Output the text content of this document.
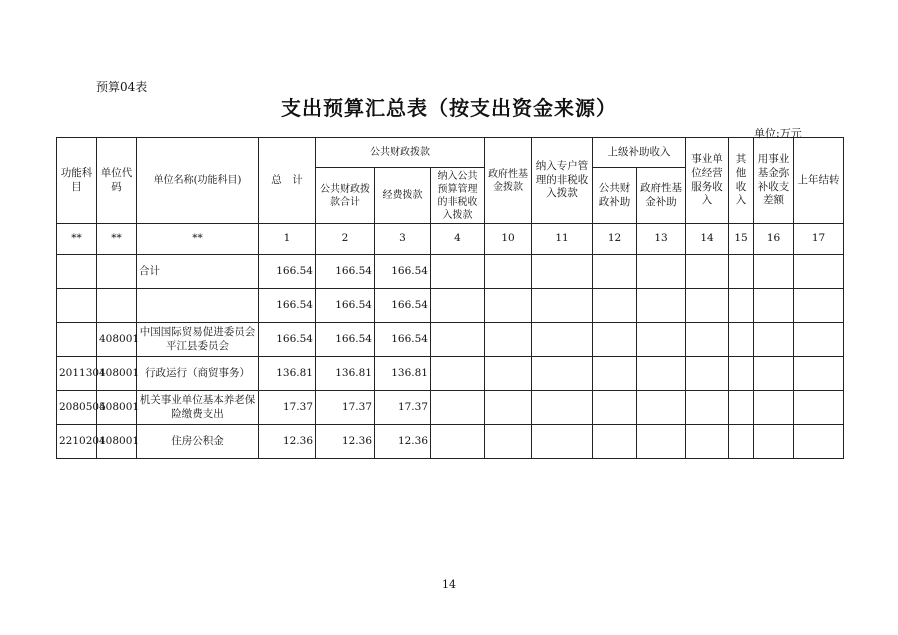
预算04表
支出预算汇总表（按支出资金来源）
单位:万元
功能科目	单位代码	单位名称(功能科目)	总　计	公共财政拨款			政府性基金拨款	纳入专户管理的非税收入拨款	上级补助收入		事业单位经营服务收入	其他收入	用事业基金弥补收支差额	上年结转
				公共财政拨款合计	经费拨款	纳入公共预算管理的非税收入拨款			公共财政补助	政府性基金补助				
**	**	**	1	2	3	4	10	11	12	13	14	15	16	17
		合计	166.54	166.54	166.54									
			166.54	166.54	166.54									
	408001	中国国际贸易促进委员会平江县委员会	166.54	166.54	166.54									
2011301	408001	行政运行（商贸事务）	136.81	136.81	136.81									
2080505	408001	机关事业单位基本养老保险缴费支出	17.37	17.37	17.37									
2210201	408001	住房公积金	12.36	12.36	12.36									
14
